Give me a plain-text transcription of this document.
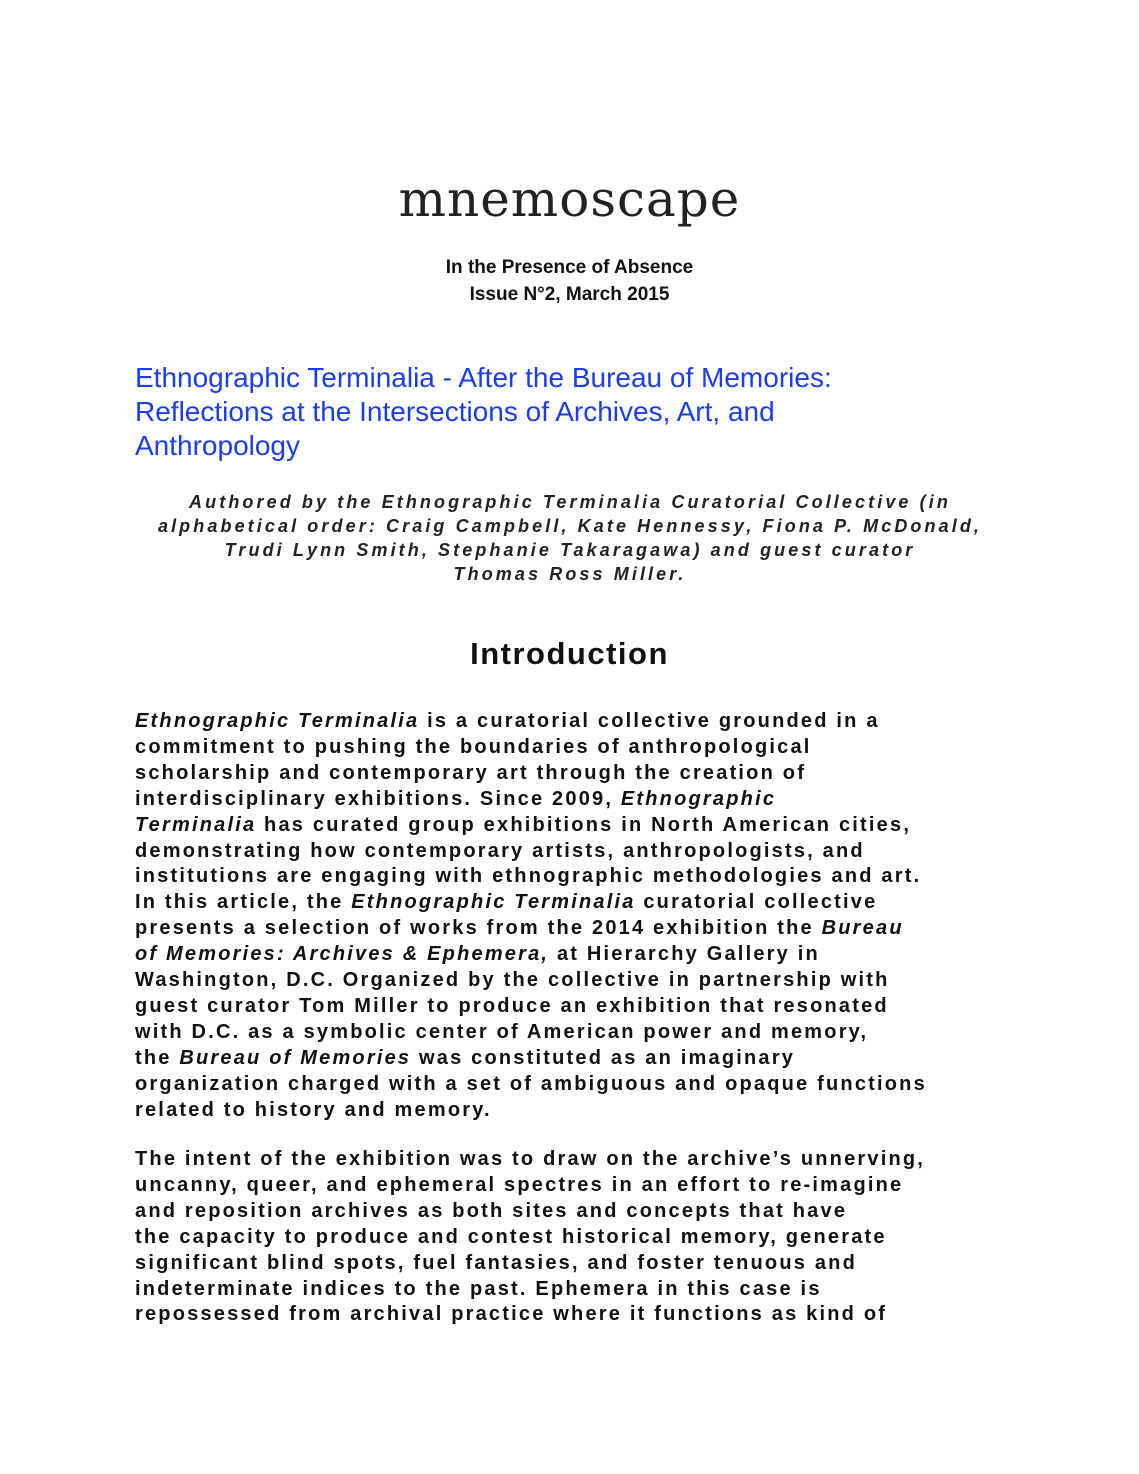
mnemoscape
In the Presence of Absence
Issue N°2, March 2015
Ethnographic Terminalia - After the Bureau of Memories:
Reflections at the Intersections of Archives, Art, and
Anthropology
Authored by the Ethnographic Terminalia Curatorial Collective (in
alphabetical order: Craig Campbell, Kate Hennessy, Fiona P. McDonald,
Trudi Lynn Smith, Stephanie Takaragawa) and guest curator
Thomas Ross Miller.
Introduction
Ethnographic Terminalia is a curatorial collective grounded in a
commitment to pushing the boundaries of anthropological
scholarship and contemporary art through the creation of
interdisciplinary exhibitions. Since 2009, Ethnographic
Terminalia has curated group exhibitions in North American cities,
demonstrating how contemporary artists, anthropologists, and
institutions are engaging with ethnographic methodologies and art.
In this article, the Ethnographic Terminalia curatorial collective
presents a selection of works from the 2014 exhibition the Bureau
of Memories: Archives & Ephemera, at Hierarchy Gallery in
Washington, D.C. Organized by the collective in partnership with
guest curator Tom Miller to produce an exhibition that resonated
with D.C. as a symbolic center of American power and memory,
the Bureau of Memories was constituted as an imaginary
organization charged with a set of ambiguous and opaque functions
related to history and memory.
The intent of the exhibition was to draw on the archive’s unnerving,
uncanny, queer, and ephemeral spectres in an effort to re-imagine
and reposition archives as both sites and concepts that have
the capacity to produce and contest historical memory, generate
significant blind spots, fuel fantasies, and foster tenuous and
indeterminate indices to the past. Ephemera in this case is
repossessed from archival practice where it functions as kind of
